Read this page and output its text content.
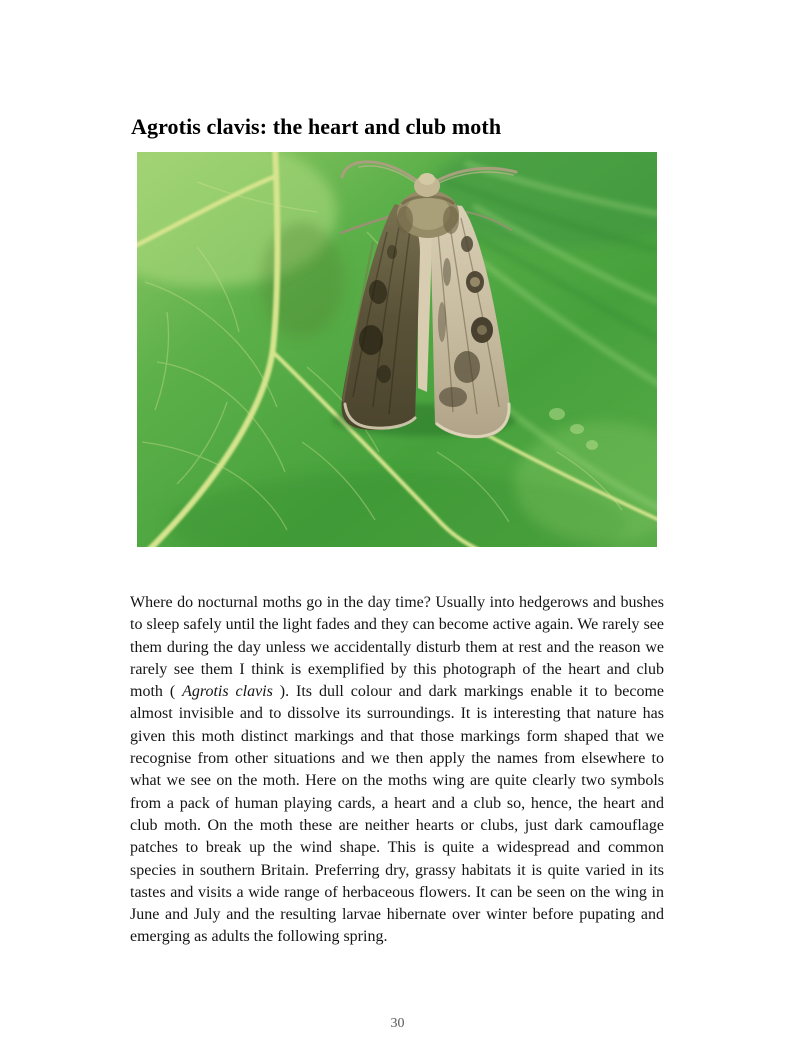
Agrotis clavis: the heart and club moth

Where do nocturnal moths go in the day time? Usually into hedgerows and bushes to sleep safely until the light fades and they can become active again. We rarely see them during the day unless we accidentally disturb them at rest and the reason we rarely see them I think is exemplified by this photograph of the heart and club moth ( Agrotis clavis ). Its dull colour and dark markings enable it to become almost invisible and to dissolve its surroundings. It is interesting that nature has given this moth distinct markings and that those markings form shaped that we recognise from other situations and we then apply the names from elsewhere to what we see on the moth. Here on the moths wing are quite clearly two symbols from a pack of human playing cards, a heart and a club so, hence, the heart and club moth. On the moth these are neither hearts or clubs, just dark camouflage patches to break up the wind shape. This is quite a widespread and common species in southern Britain. Preferring dry, grassy habitats it is quite varied in its tastes and visits a wide range of herbaceous flowers. It can be seen on the wing in June and July and the resulting larvae hibernate over winter before pupating and emerging as adults the following spring.

30
